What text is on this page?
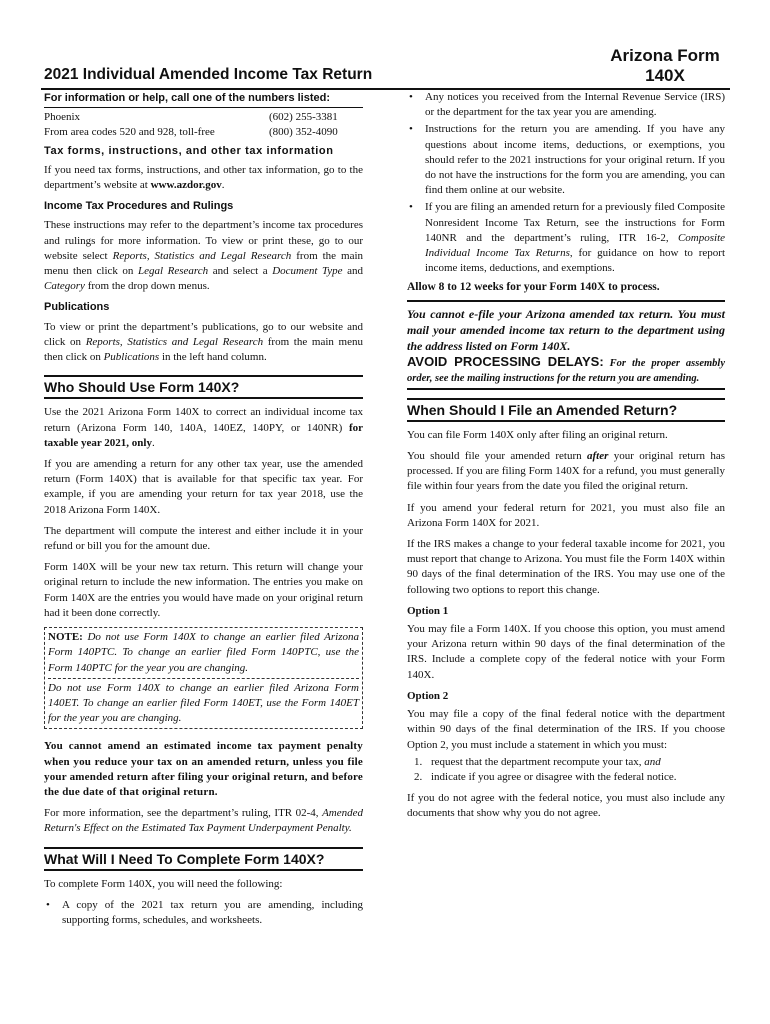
Arizona Form
140X
2021 Individual Amended Income Tax Return
For information or help, call one of the numbers listed:
Phoenix	(602) 255-3381
From area codes 520 and 928, toll-free	(800) 352-4090
Tax forms, instructions, and other tax information

If you need tax forms, instructions, and other tax information, go to the department’s website at www.azdor.gov.

Income Tax Procedures and Rulings

These instructions may refer to the department’s income tax procedures and rulings for more information. To view or print these, go to our website select Reports, Statistics and Legal Research from the main menu then click on Legal Research and select a Document Type and Category from the drop down menus.

Publications

To view or print the department’s publications, go to our website and click on Reports, Statistics and Legal Research from the main menu then click on Publications in the left hand column.

Who Should Use Form 140X?

Use the 2021 Arizona Form 140X to correct an individual income tax return (Arizona Form 140, 140A, 140EZ, 140PY, or 140NR) for taxable year 2021, only.

If you are amending a return for any other tax year, use the amended return (Form 140X) that is available for that specific tax year. For example, if you are amending your return for tax year 2018, use the 2018 Arizona Form 140X.

The department will compute the interest and either include it in your refund or bill you for the amount due.

Form 140X will be your new tax return. This return will change your original return to include the new information. The entries you make on Form 140X are the entries you would have made on your original return had it been done correctly.

NOTE: Do not use Form 140X to change an earlier filed Arizona Form 140PTC. To change an earlier filed Form 140PTC, use the Form 140PTC for the year you are changing.

Do not use Form 140X to change an earlier filed Arizona Form 140ET. To change an earlier filed Form 140ET, use the Form 140ET for the year you are changing.

You cannot amend an estimated income tax payment penalty when you reduce your tax on an amended return, unless you file your amended return after filing your original return, and before the due date of that original return.

For more information, see the department’s ruling, ITR 02-4, Amended Return's Effect on the Estimated Tax Payment Underpayment Penalty.

What Will I Need To Complete Form 140X?

To complete Form 140X, you will need the following:

• A copy of the 2021 tax return you are amending, including supporting forms, schedules, and worksheets.
• Any notices you received from the Internal Revenue Service (IRS) or the department for the tax year you are amending.
• Instructions for the return you are amending. If you have any questions about income items, deductions, or exemptions, you should refer to the 2021 instructions for your original return. If you do not have the instructions for the form you are amending, you can find them online at our website.
• If you are filing an amended return for a previously filed Composite Nonresident Income Tax Return, see the instructions for Form 140NR and the department’s ruling, ITR 16-2, Composite Individual Income Tax Returns, for guidance on how to report income items, deductions, and exemptions.
Allow 8 to 12 weeks for your Form 140X to process.
You cannot e-file your Arizona amended tax return. You must mail your amended income tax return to the department using the address listed on Form 140X.
AVOID PROCESSING DELAYS: For the proper assembly order, see the mailing instructions for the return you are amending.
When Should I File an Amended Return?

You can file Form 140X only after filing an original return.

You should file your amended return after your original return has processed. If you are filing Form 140X for a refund, you must generally file within four years from the date you filed the original return.

If you amend your federal return for 2021, you must also file an Arizona Form 140X for 2021.

If the IRS makes a change to your federal taxable income for 2021, you must report that change to Arizona. You must file the Form 140X within 90 days of the final determination of the IRS. You may use one of the following two options to report this change.

Option 1

You may file a Form 140X. If you choose this option, you must amend your Arizona return within 90 days of the final determination of the IRS. Include a complete copy of the federal notice with your Form 140X.

Option 2

You may file a copy of the final federal notice with the department within 90 days of the final determination of the IRS. If you choose Option 2, you must include a statement in which you must:

1. request that the department recompute your tax, and
2. indicate if you agree or disagree with the federal notice.

If you do not agree with the federal notice, you must also include any documents that show why you do not agree.
